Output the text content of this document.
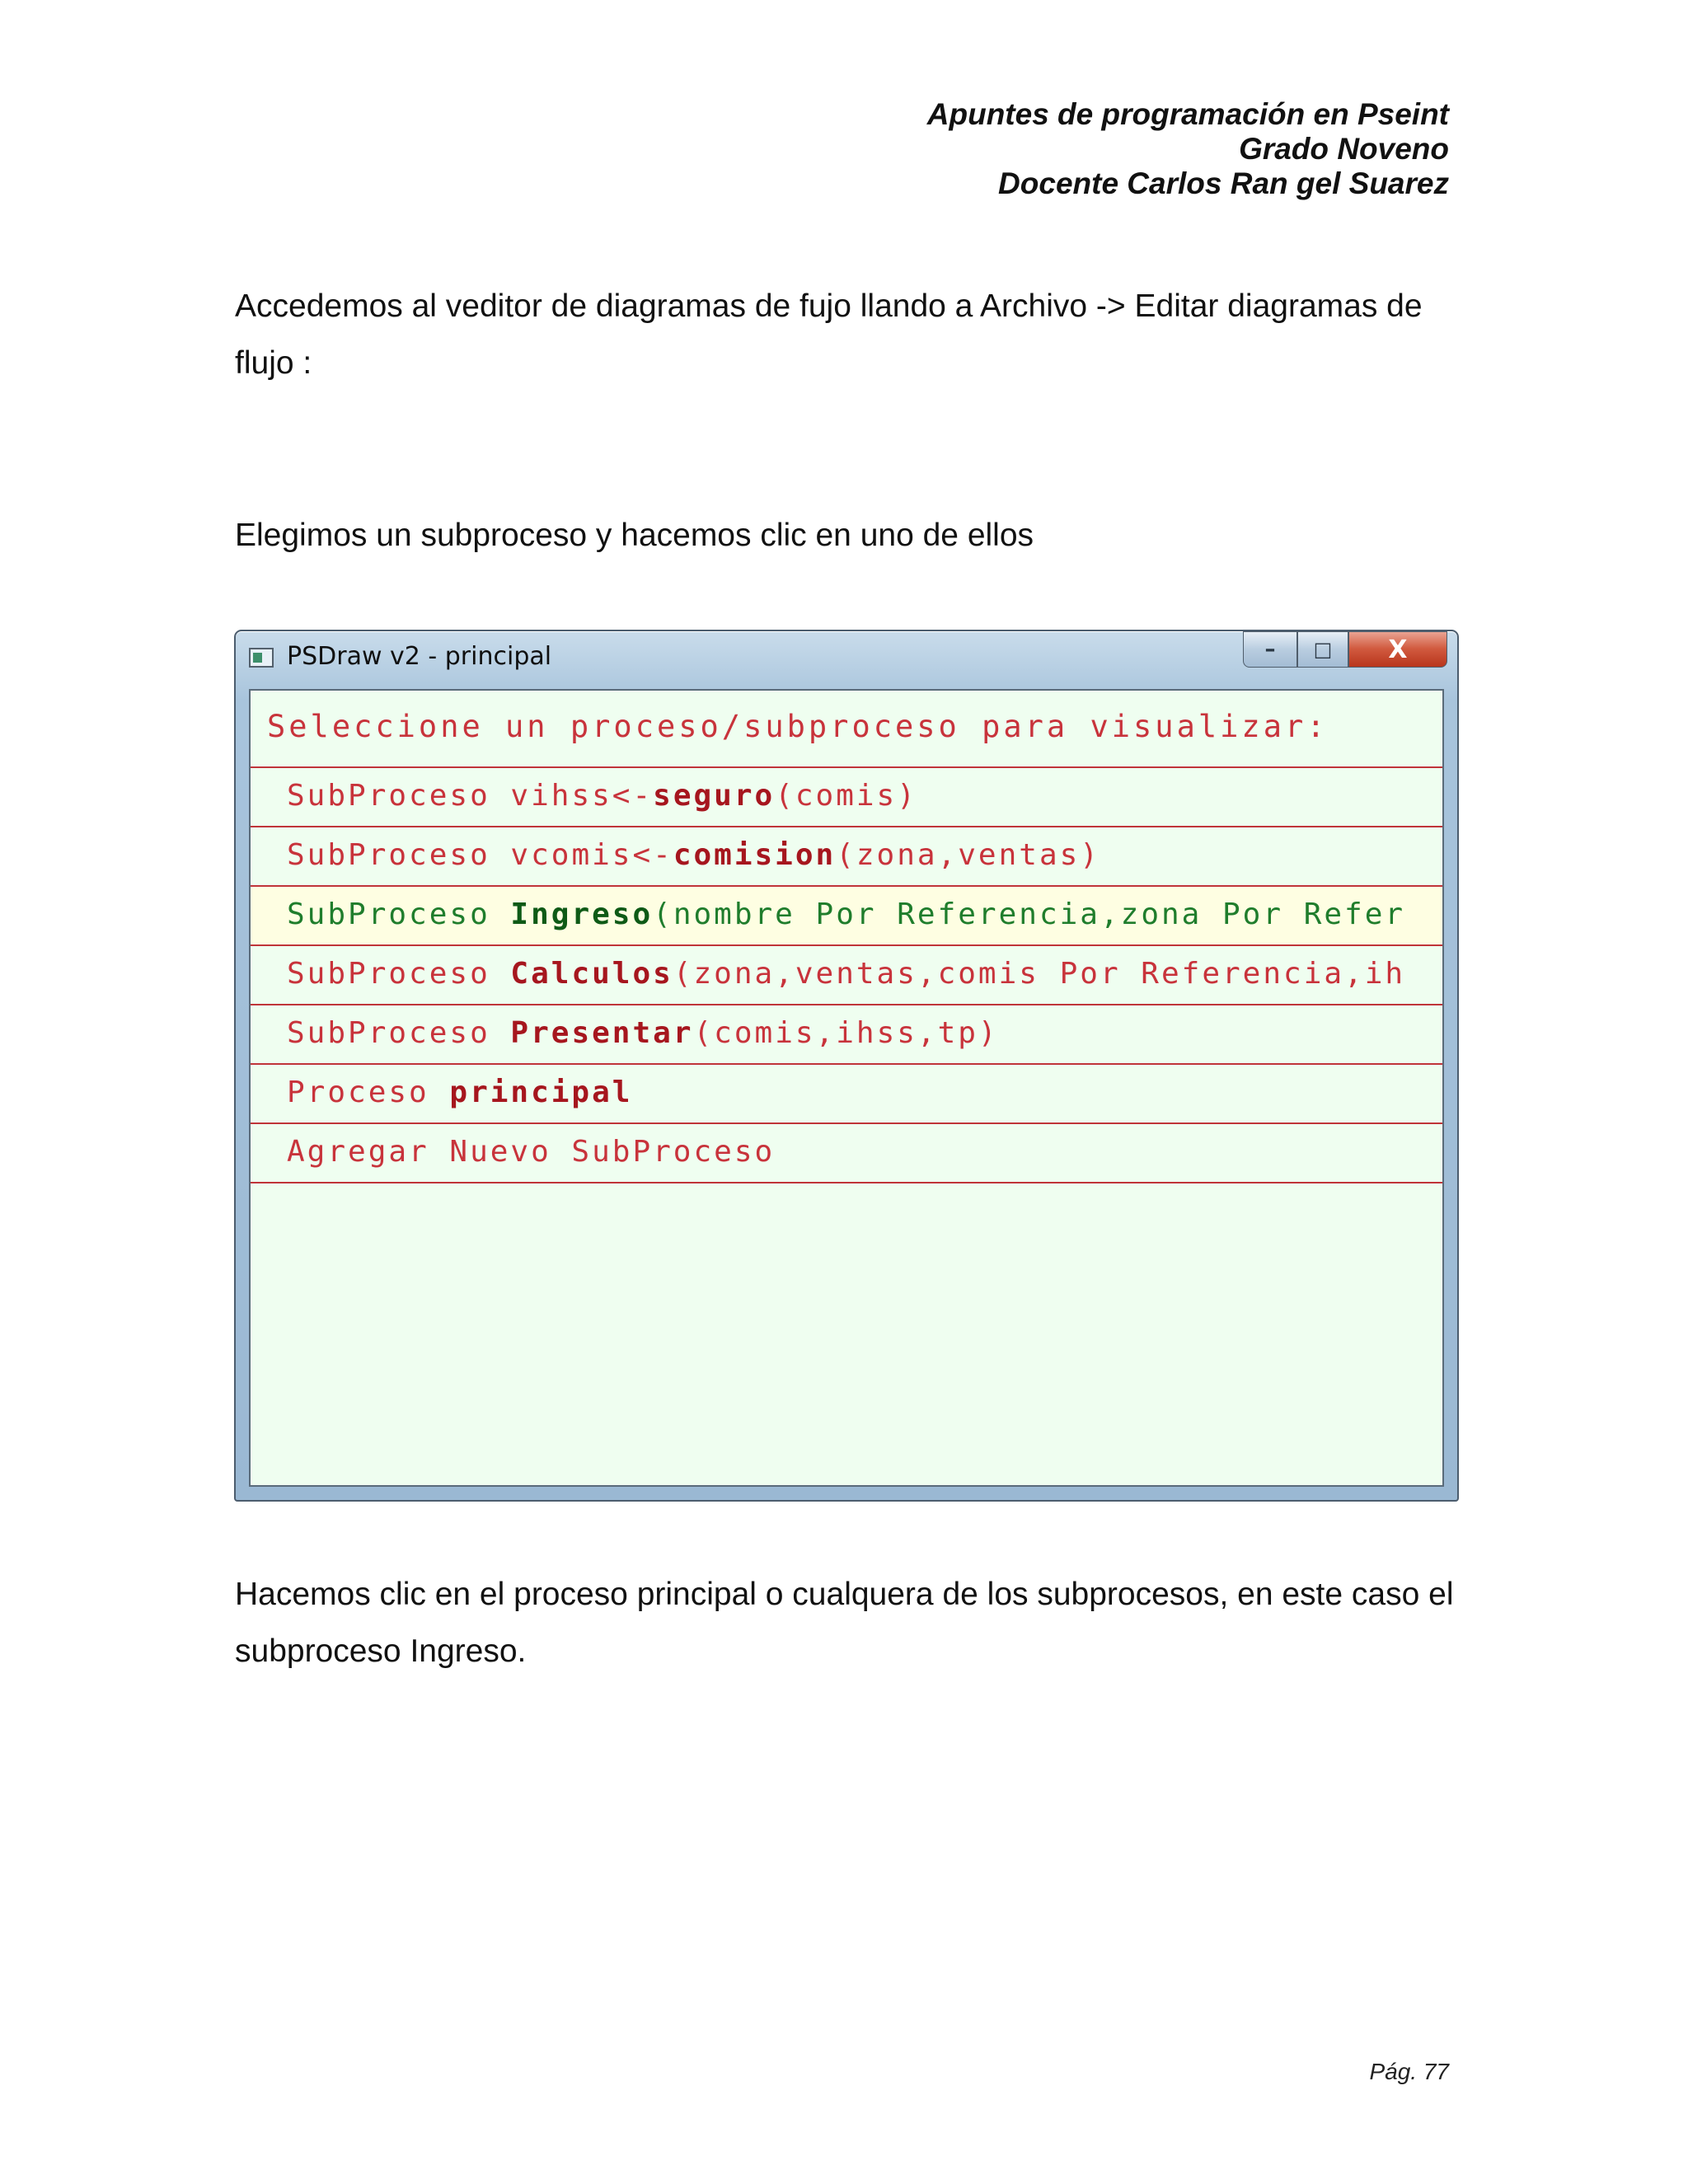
Apuntes de programación en Pseint
Grado Noveno
Docente Carlos Ran gel Suarez
Accedemos al veditor de diagramas de fujo llando a Archivo -> Editar diagramas de flujo :
Elegimos un subproceso y hacemos clic en uno de ellos
PSDraw v2 - principal	– □ X
Seleccione un proceso/subproceso para visualizar:
SubProceso vihss<-seguro(comis)
SubProceso vcomis<-comision(zona,ventas)
SubProceso Ingreso(nombre Por Referencia,zona Por Refer
SubProceso Calculos(zona,ventas,comis Por Referencia,ih
SubProceso Presentar(comis,ihss,tp)
Proceso principal
Agregar Nuevo SubProceso
Hacemos clic en el proceso principal o cualquera de los subprocesos, en este caso el subproceso Ingreso.
Pág. 77
